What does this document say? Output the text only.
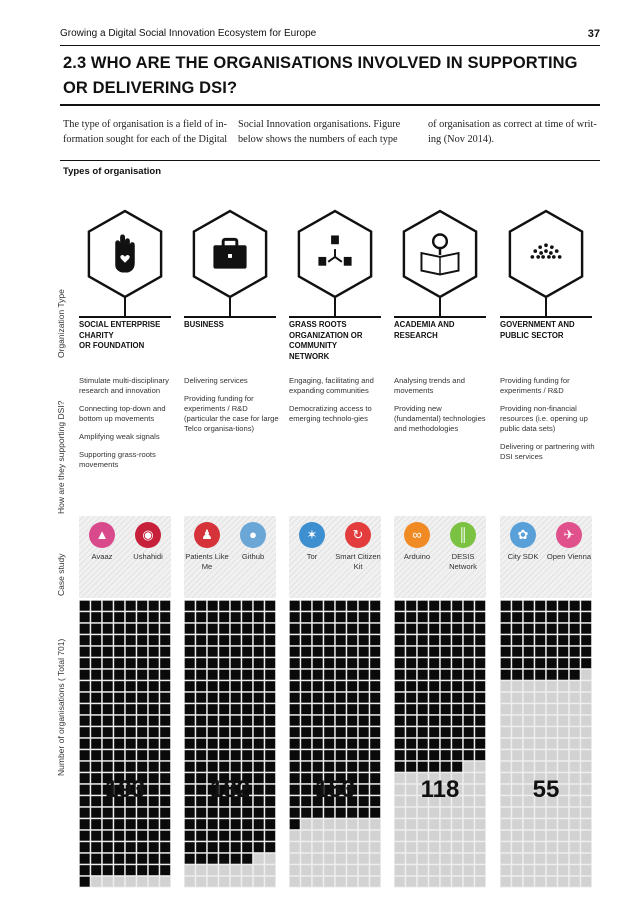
Growing a Digital Social Innovation Ecosystem for Europe	37
2.3 WHO ARE THE ORGANISATIONS INVOLVED IN SUPPORTING OR DELIVERING DSI?
The type of organisation is a field of in-formation sought for each of the Digital
Social Innovation organisations. Figure below shows the numbers of each type
of organisation as correct at time of writ-ing (Nov 2014).
Types of organisation
Organization Type
How are they supporting DSI?
Case study
Number of organisations ( Total 701)
SOCIAL ENTERPRISE
CHARITY
OR FOUNDATION

Stimulate multi-disciplinary research and innovation

Connecting top-down and bottom up movements

Amplifying weak signals

Supporting grass-roots movements

▲
Avaaz
◉
Ushahidi
193
BUSINESS

Delivering services

Providing funding for experiments / R&D (particular the case for large Telco organisa-tions)

♟
Patients Like Me
●
Github
182
GRASS ROOTS
ORGANIZATION OR
COMMUNITY
NETWORK

Engaging, facilitating and expanding communities

Democratizing access to emerging technolo-gies

✶
Tor
↻
Smart Citizen Kit
153
ACADEMIA AND
RESEARCH

Analysing trends and movements

Providing new (fundamental) technologies and methodologies

∞
Arduino
║
DESIS Network
118
GOVERNMENT AND
PUBLIC SECTOR

Providing funding for experiments / R&D

Providing non-financial resources (i.e. opening up public data sets)

Delivering or partnering with DSI services

✿
City SDK
✈
Open Vienna
55
